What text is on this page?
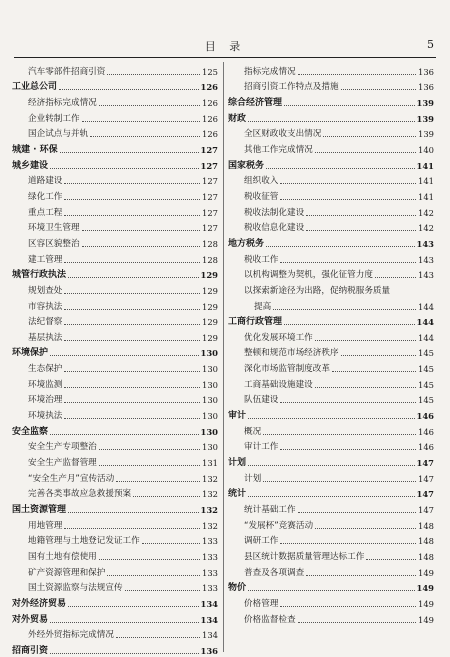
目 录	5
汽车零部件招商引资	125
工业总公司	126
经济指标完成情况	126
企业转制工作	126
国企试点与并轨	126
城建 · 环保	127
城乡建设	127
道路建设	127
绿化工作	127
重点工程	127
环境卫生管理	127
区容区貌整治	128
建工管理	128
城管行政执法	129
规划查处	129
市容执法	129
法纪督察	129
基层执法	129
环境保护	130
生态保护	130
环境监测	130
环境治理	130
环境执法	130
安全监察	130
安全生产专项整治	130
安全生产监督管理	131
“安全生产月”宣传活动	132
完善各类事故应急救援预案	132
国土资源管理	132
用地管理	132
地籍管理与土地登记发证工作	133
国有土地有偿使用	133
矿产资源管理和保护	133
国土资源监察与法规宣传	133
对外经济贸易	134
对外贸易	134
外经外贸指标完成情况	134
招商引资	136
指标完成情况	136
招商引资工作特点及措施	136
综合经济管理	139
财政	139
全区财政收支出情况	139
其他工作完成情况	140
国家税务	141
组织收入	141
税收征管	141
税收法制化建设	142
税收信息化建设	142
地方税务	143
税收工作	143
以机构调整为契机，强化征管力度	143
以探索新途径为出路，促纳税服务质量
提高	144
工商行政管理	144
优化发展环境工作	144
整顿和规范市场经济秩序	145
深化市场监管制度改革	145
工商基础设施建设	145
队伍建设	145
审计	146
概况	146
审计工作	146
计划	147
计划	147
统计	147
统计基础工作	147
“发展杯”竞赛活动	148
调研工作	148
县区统计数据质量管理达标工作	148
普查及各项调查	149
物价	149
价格管理	149
价格监督检查	149
